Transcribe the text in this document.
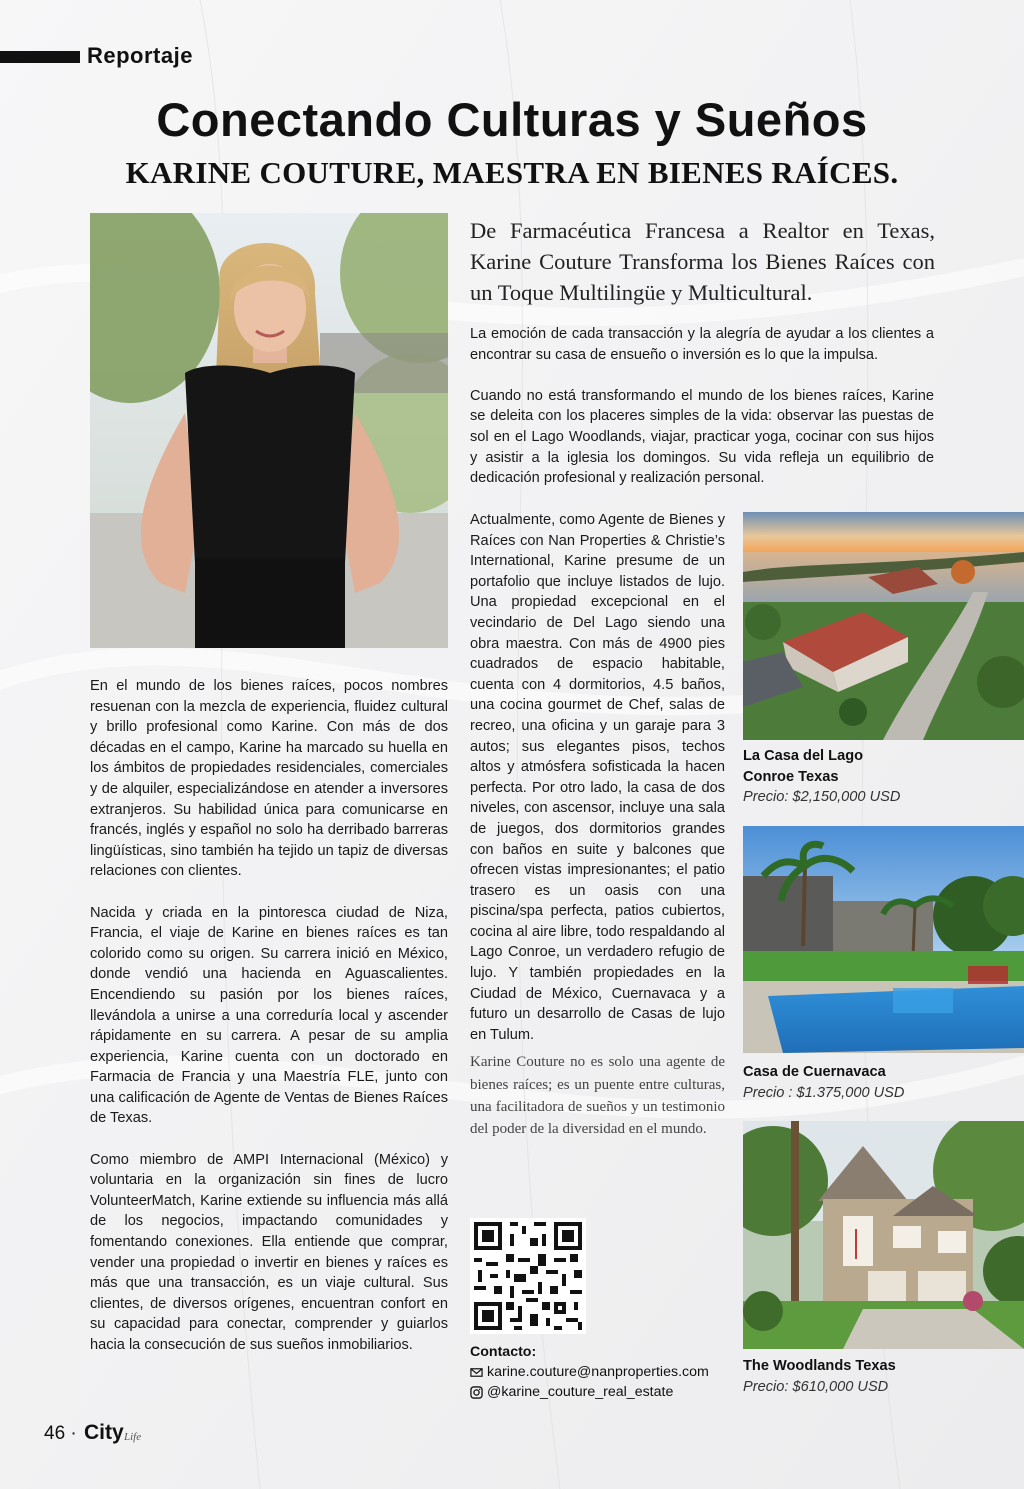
Reportaje
Conectando Culturas y Sueños
KARINE COUTURE, MAESTRA EN BIENES RAÍCES.
De Farmacéutica Francesa a Realtor en Texas, Karine Couture Transforma los Bienes Raíces con un Toque Multilingüe y Multicultural.

La emoción de cada transacción y la alegría de ayudar a los clientes a encontrar su casa de ensueño o inversión es lo que la impulsa.

Cuando no está transformando el mundo de los bienes raíces, Karine se deleita con los placeres simples de la vida: observar las puestas de sol en el Lago Woodlands, viajar, practicar yoga, cocinar con sus hijos y asistir a la iglesia los domingos. Su vida refleja un equilibrio de dedicación profesional y realización personal.

En el mundo de los bienes raíces, pocos nombres resuenan con la mezcla de experiencia, fluidez cultural y brillo profesional como Karine. Con más de dos décadas en el campo, Karine ha marcado su huella en los ámbitos de propiedades residenciales, comerciales y de alquiler, especializándose en atender a inversores extranjeros. Su habilidad única para comunicarse en francés, inglés y español no solo ha derribado barreras lingüísticas, sino también ha tejido un tapiz de diversas relaciones con clientes.

Nacida y criada en la pintoresca ciudad de Niza, Francia, el viaje de Karine en bienes raíces es tan colorido como su origen. Su carrera inició en México, donde vendió una hacienda en Aguascalientes. Encendiendo su pasión por los bienes raíces, llevándola a unirse a una correduría local y ascender rápidamente en su carrera. A pesar de su amplia experiencia, Karine cuenta con un doctorado en Farmacia de Francia y una Maestría FLE, junto con una calificación de Agente de Ventas de Bienes Raíces de Texas.

Como miembro de AMPI Internacional (México) y voluntaria en la organización sin fines de lucro VolunteerMatch, Karine extiende su influencia más allá de los negocios, impactando comunidades y fomentando conexiones. Ella entiende que comprar, vender una propiedad o invertir en bienes y raíces es más que una transacción, es un viaje cultural. Sus clientes, de diversos orígenes, encuentran confort en su capacidad para conectar, comprender y guiarlos hacia la consecución de sus sueños inmobiliarios.

Actualmente, como Agente de Bienes y Raíces con Nan Properties & Christie’s International, Karine presume de un portafolio que incluye listados de lujo. Una propiedad excepcional en el vecindario de Del Lago siendo una obra maestra. Con más de 4900 pies cuadrados de espacio habitable, cuenta con 4 dormitorios, 4.5 baños, una cocina gourmet de Chef, salas de recreo, una oficina y un garaje para 3 autos; sus elegantes pisos, techos altos y atmósfera sofisticada la hacen perfecta. Por otro lado, la casa de dos niveles, con ascensor, incluye una sala de juegos, dos dormitorios grandes con baños en suite y balcones que ofrecen vistas impresionantes; el patio trasero es un oasis con una piscina/spa perfecta, patios cubiertos, cocina al aire libre, todo respaldando al Lago Conroe, un verdadero refugio de lujo. Y también propiedades en la Ciudad de México, Cuernavaca y a futuro un desarrollo de Casas de lujo en Tulum.

Karine Couture no es solo una agente de bienes raíces; es un puente entre culturas, una facilitadora de sueños y un testimonio del poder de la diversidad en el mundo.
Contacto:
karine.couture@nanproperties.com
@karine_couture_real_estate
La Casa del Lago Conroe Texas
Precio: $2,150,000 USD
Casa de Cuernavaca
Precio : $1.375,000 USD
The Woodlands Texas
Precio: $610,000 USD
46 · City Life
